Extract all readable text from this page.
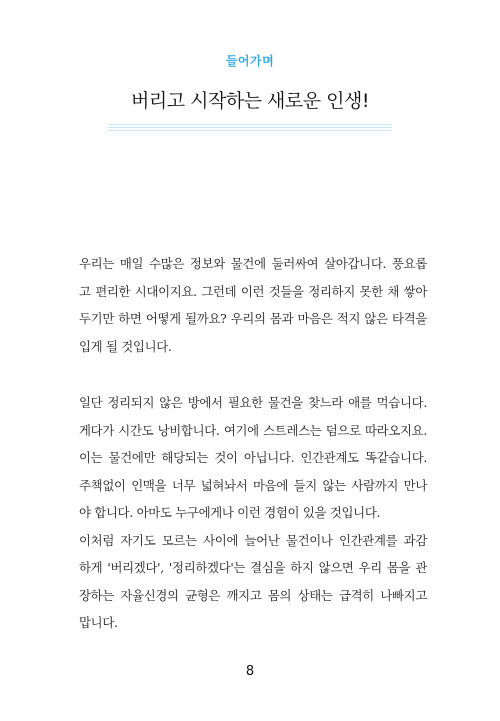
들어가며
버리고 시작하는 새로운 인생!
우리는 매일 수많은 정보와 물건에 둘러싸여 살아갑니다. 풍요롭
고 편리한 시대이지요. 그런데 이런 것들을 정리하지 못한 채 쌓아
두기만 하면 어떻게 될까요? 우리의 몸과 마음은 적지 않은 타격을
입게 될 것입니다.
일단 정리되지 않은 방에서 필요한 물건을 찾느라 애를 먹습니다.
게다가 시간도 낭비합니다. 여기에 스트레스는 덤으로 따라오지요.
이는 물건에만 해당되는 것이 아닙니다. 인간관계도 똑같습니다.
주책없이 인맥을 너무 넓혀놔서 마음에 들지 않는 사람까지 만나
야 합니다. 아마도 누구에게나 이런 경험이 있을 것입니다.
이처럼 자기도 모르는 사이에 늘어난 물건이나 인간관계를 과감
하게 '버리겠다', '정리하겠다'는 결심을 하지 않으면 우리 몸을 관
장하는 자율신경의 균형은 깨지고 몸의 상태는 급격히 나빠지고
맙니다.
8
